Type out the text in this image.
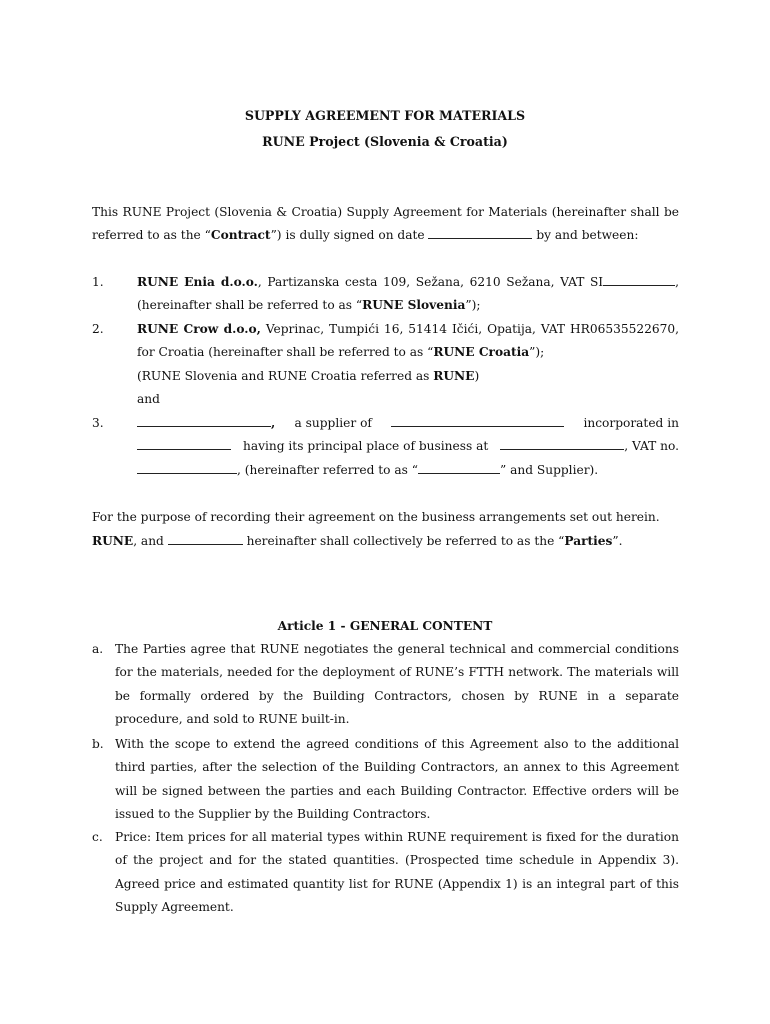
SUPPLY AGREEMENT FOR MATERIALS
RUNE Project (Slovenia & Croatia)
This RUNE Project (Slovenia & Croatia) Supply Agreement for Materials (hereinafter shall be referred to as the “Contract”) is dully signed on date	by and between:
1.	RUNE Enia d.o.o., Partizanska cesta 109, Sežana, 6210 Sežana, VAT SI	, (hereinafter shall be referred to as “RUNE Slovenia”);
2.	RUNE Crow d.o.o, Veprinac, Tumpići 16, 51414 Ičići, Opatija, VAT HR06535522670, for Croatia (hereinafter shall be referred to as “RUNE Croatia”);
(RUNE Slovenia and RUNE Croatia referred as RUNE)
and
3.	, a supplier of	incorporated in
having its principal place of business at	, VAT no.
, (hereinafter referred to as “	” and Supplier).
For the purpose of recording their agreement on the business arrangements set out herein.
RUNE, and	hereinafter shall collectively be referred to as the “Parties”.
Article 1 - GENERAL CONTENT
a. The Parties agree that RUNE negotiates the general technical and commercial conditions for the materials, needed for the deployment of RUNE’s FTTH network. The materials will be formally ordered by the Building Contractors, chosen by RUNE in a separate procedure, and sold to RUNE built-in.
b. With the scope to extend the agreed conditions of this Agreement also to the additional third parties, after the selection of the Building Contractors, an annex to this Agreement will be signed between the parties and each Building Contractor. Effective orders will be issued to the Supplier by the Building Contractors.
c.	Price: Item prices for all material types within RUNE requirement is fixed for the duration of the project and for the stated quantities. (Prospected time schedule in Appendix 3). Agreed price and estimated quantity list for RUNE (Appendix 1) is an integral part of this Supply Agreement.
